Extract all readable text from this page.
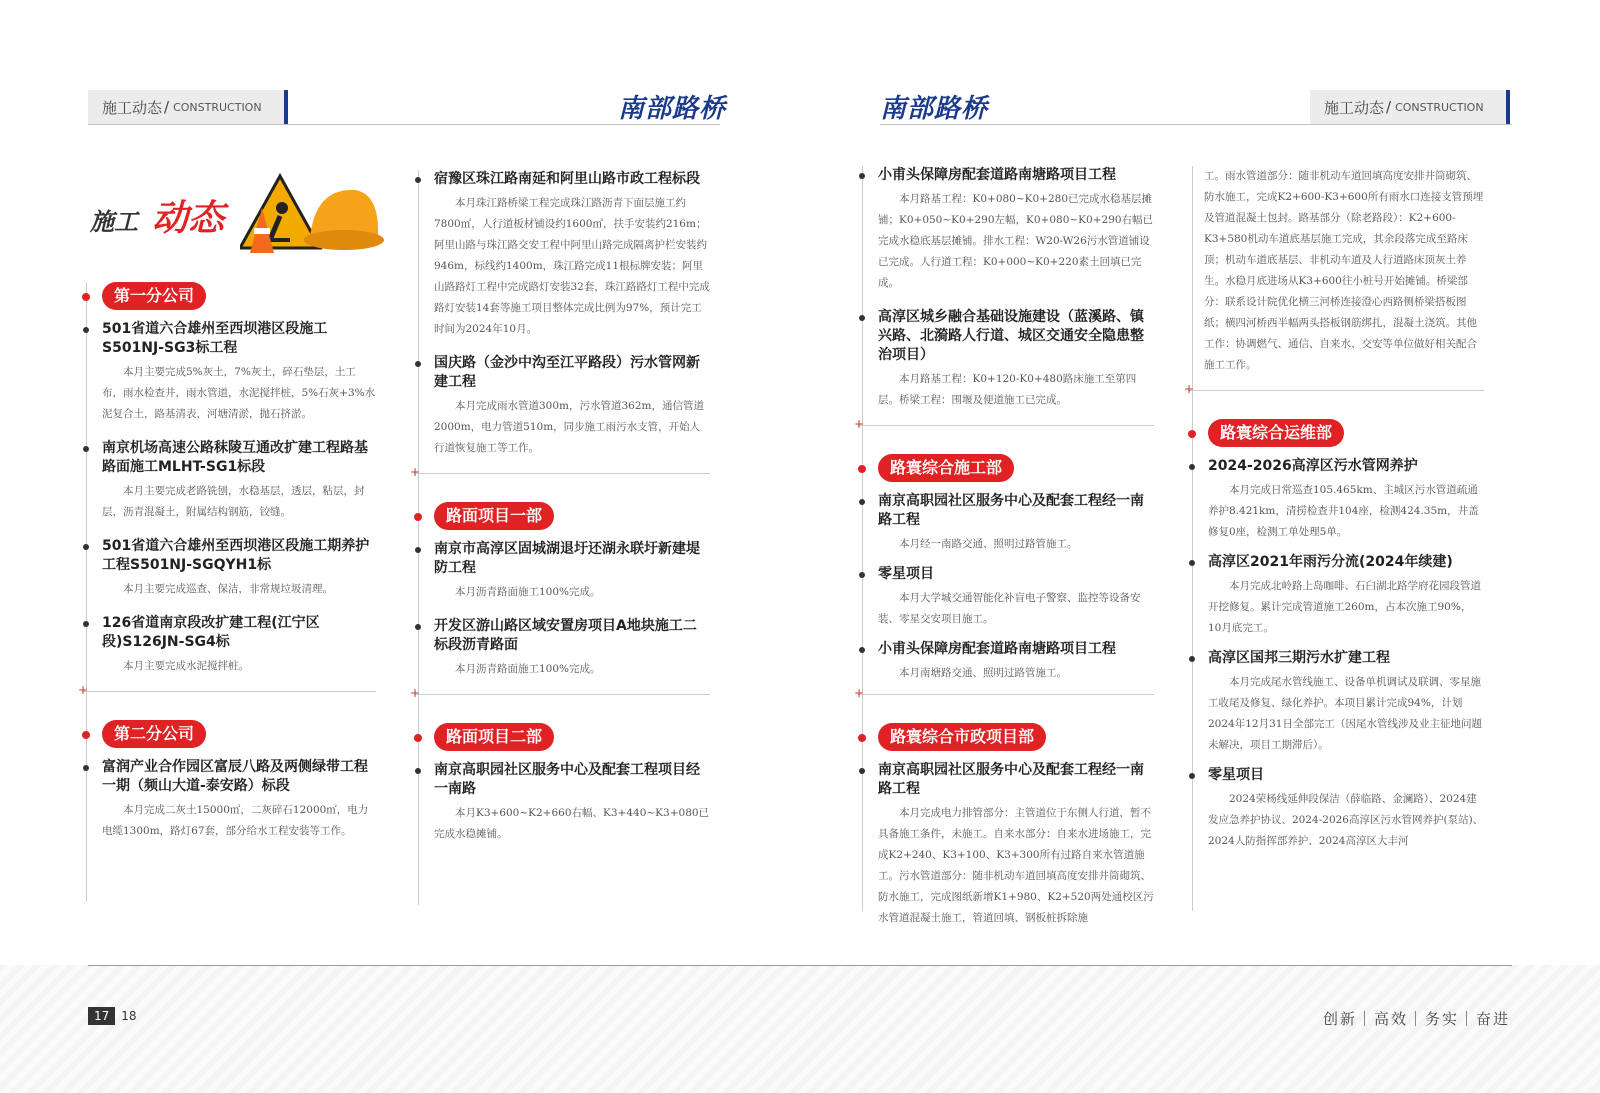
施工动态 / CONSTRUCTION	南部路桥	南部路桥	施工动态 / CONSTRUCTION
施工 动态
第一分公司
501省道六合雄州至西坝港区段施工S501NJ-SG3标工程
本月主要完成5%灰土，7%灰土，碎石垫层，土工布，雨水检查井，雨水管道，水泥搅拌桩，5%石灰+3%水泥复合土，路基清表，河塘清淤，抛石挤淤。
南京机场高速公路秣陵互通改扩建工程路基路面施工MLHT-SG1标段
本月主要完成老路铣刨，水稳基层，透层，粘层，封层，沥青混凝土，附属结构钢筋，铰缝。
501省道六合雄州至西坝港区段施工期养护工程S501NJ-SGQYH1标
本月主要完成巡查、保洁，非常规垃圾清理。
126省道南京段改扩建工程(江宁区段)S126JN-SG4标
本月主要完成水泥搅拌桩。
+
第二分公司
富润产业合作园区富辰八路及两侧绿带工程一期（频山大道-泰安路）标段
本月完成二灰土15000㎡，二灰碎石12000㎡，电力电缆1300m，路灯67套，部分给水工程安装等工作。
宿豫区珠江路南延和阿里山路市政工程标段
本月珠江路桥梁工程完成珠江路沥青下面层施工约7800㎡，人行道板材铺设约1600㎡，扶手安装约216m；阿里山路与珠江路交安工程中阿里山路完成隔离护栏安装约946m，标线约1400m，珠江路完成11根标牌安装；阿里山路路灯工程中完成路灯安装32套，珠江路路灯工程中完成路灯安装14套等施工项目整体完成比例为97%，预计完工时间为2024年10月。
国庆路（金沙中沟至江平路段）污水管网新建工程
本月完成雨水管道300m，污水管道362m，通信管道2000m，电力管道510m，同步施工雨污水支管，开始人行道恢复施工等工作。
+
路面项目一部
南京市高淳区固城湖退圩还湖永联圩新建堤防工程
本月沥青路面施工100%完成。
开发区游山路区域安置房项目A地块施工二标段沥青路面
本月沥青路面施工100%完成。
+
路面项目二部
南京高职园社区服务中心及配套工程项目经一南路
本月K3+600~K2+660右幅、K3+440~K3+080已完成水稳摊铺。
小甫头保障房配套道路南塘路项目工程
本月路基工程：K0+080~K0+280已完成水稳基层摊铺；K0+050~K0+290左幅，K0+080~K0+290右幅已完成水稳底基层摊铺。排水工程：W20-W26污水管道铺设已完成。人行道工程：K0+000~K0+220素土回填已完成。
高淳区城乡融合基础设施建设（蓝溪路、镇兴路、北漪路人行道、城区交通安全隐患整治项目）
本月路基工程：K0+120-K0+480路床施工至第四层。桥梁工程：围堰及便道施工已完成。
+
路寰综合施工部
南京高职园社区服务中心及配套工程经一南路工程
本月经一南路交通、照明过路管施工。
零星项目
本月大学城交通智能化补盲电子警察、监控等设备安装、零星交安项目施工。
小甫头保障房配套道路南塘路项目工程
本月南塘路交通、照明过路管施工。
+
路寰综合市政项目部
南京高职园社区服务中心及配套工程经一南路工程
本月完成电力排管部分：主管道位于东侧人行道，暂不具备施工条件，未施工。自来水部分：自来水进场施工，完成K2+240、K3+100、K3+300所有过路自来水管道施工。污水管道部分：随非机动车道回填高度安排井筒砌筑、防水施工，完成图纸新增K1+980、K2+520两处通校区污水管道混凝土施工，管道回填、钢板桩拆除施
工。雨水管道部分：随非机动车道回填高度安排井筒砌筑、防水施工，完成K2+600-K3+600所有雨水口连接支管预埋及管道混凝土包封。路基部分（除老路段）：K2+600-K3+580机动车道底基层施工完成，其余段落完成至路床顶；机动车道底基层、非机动车道及人行道路床顶灰土养生。水稳月底进场从K3+600往小桩号开始摊铺。桥梁部分：联系设计院优化横三河桥连接澄心西路侧桥梁搭板图纸；横四河桥西半幅两头搭板钢筋绑扎，混凝土浇筑。其他工作：协调燃气、通信、自来水、交安等单位做好相关配合施工工作。
+
路寰综合运维部
2024-2026高淳区污水管网养护
本月完成日常巡查105.465km、主城区污水管道疏通养护8.421km，清捞检查井104座，检测424.35m，井盖修复0座，检测工单处理5单。
高淳区2021年雨污分流(2024年续建)
本月完成北岭路上岛咖啡、石臼湖北路学府花园段管道开挖修复。累计完成管道施工260m，占本次施工90%，10月底完工。
高淳区国邦三期污水扩建工程
本月完成尾水管线施工、设备单机调试及联调、零星施工收尾及修复、绿化养护。本项目累计完成94%，计划2024年12月31日全部完工（因尾水管线涉及业主征地问题未解决，项目工期滞后）。
零星项目
2024荣杨线延伸段保洁（薛临路、金澜路）、2024建发应急养护协议、2024-2026高淳区污水管网养护(泵站)、2024人防指挥部养护、2024高淳区大丰河
17	18	创新｜高效｜务实｜奋进
